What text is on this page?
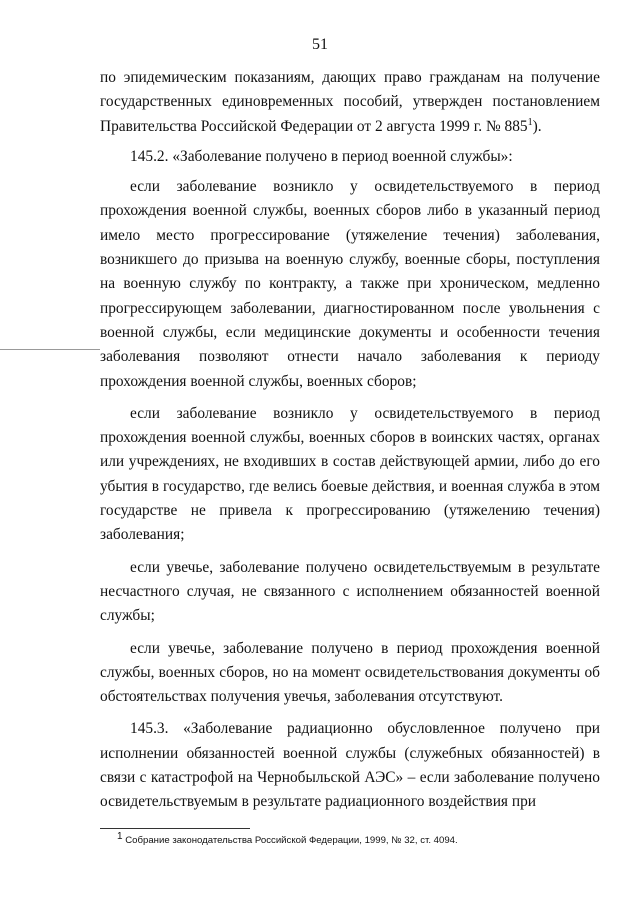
51

по эпидемическим показаниям, дающих право гражданам на получение государственных единовременных пособий, утвержден постановлением Правительства Российской Федерации от 2 августа 1999 г. № $885^1$).

145.2. «Заболевание получено в период военной службы»:

если заболевание возникло у освидетельствуемого в период прохождения военной службы, военных сборов либо в указанный период имело место прогрессирование (утяжеление течения) заболевания, возникшего до призыва на военную службу, военные сборы, поступления на военную службу по контракту, а также при хроническом, медленно прогрессирующем заболевании, диагностированном после увольнения с военной службы, если медицинские документы и особенности течения заболевания позволяют отнести начало заболевания к периоду прохождения военной службы, военных сборов;

если заболевание возникло у освидетельствуемого в период прохождения военной службы, военных сборов в воинских частях, органах или учреждениях, не входивших в состав действующей армии, либо до его убытия в государство, где велись боевые действия, и военная служба в этом государстве не привела к прогрессированию (утяжелению течения) заболевания;

если увечье, заболевание получено освидетельствуемым в результате несчастного случая, не связанного с исполнением обязанностей военной службы;

если увечье, заболевание получено в период прохождения военной службы, военных сборов, но на момент освидетельствования документы об обстоятельствах получения увечья, заболевания отсутствуют.

145.3. «Заболевание радиационно обусловленное получено при исполнении обязанностей военной службы (служебных обязанностей) в связи с катастрофой на Чернобыльской АЭС» – если заболевание получено освидетельствуемым в результате радиационного воздействия при

$^1$ Собрание законодательства Российской Федерации, 1999, № 32, ст. 4094.
